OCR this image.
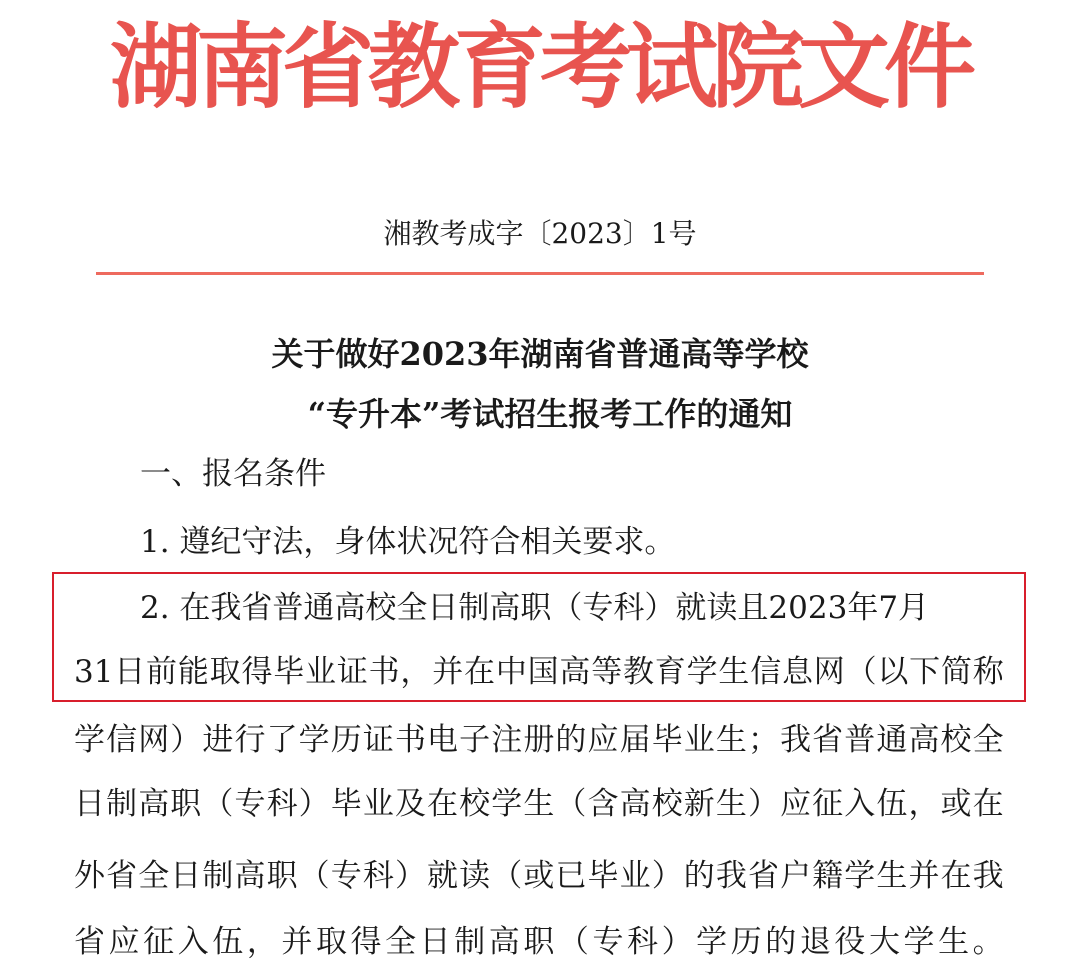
湖南省教育考试院文件
湘教考成字〔2023〕1号
关于做好2023年湖南省普通高等学校
“专升本”考试招生报考工作的通知
一、报名条件
1. 遵纪守法，身体状况符合相关要求。
2. 在我省普通高校全日制高职（专科）就读且2023年7月
31 日 前 能 取 得 毕 业 证 书 ， 并 在 中 国 高 等 教 育 学 生 信 息 网 （ 以 下 简 称
学 信 网 ） 进 行 了 学 历 证 书 电 子 注 册 的 应 届 毕 业 生 ； 我 省 普 通 高 校 全
日 制 高 职 （ 专 科 ） 毕 业 及 在 校 学 生 （ 含 高 校 新 生 ） 应 征 入 伍 ， 或 在
外 省 全 日 制 高 职 （ 专 科 ） 就 读 （ 或 已 毕 业 ） 的 我 省 户 籍 学 生 并 在 我
省 应 征 入 伍 ， 并 取 得 全 日 制 高 职 （ 专 科 ） 学 历 的 退 役 大 学 生 。
